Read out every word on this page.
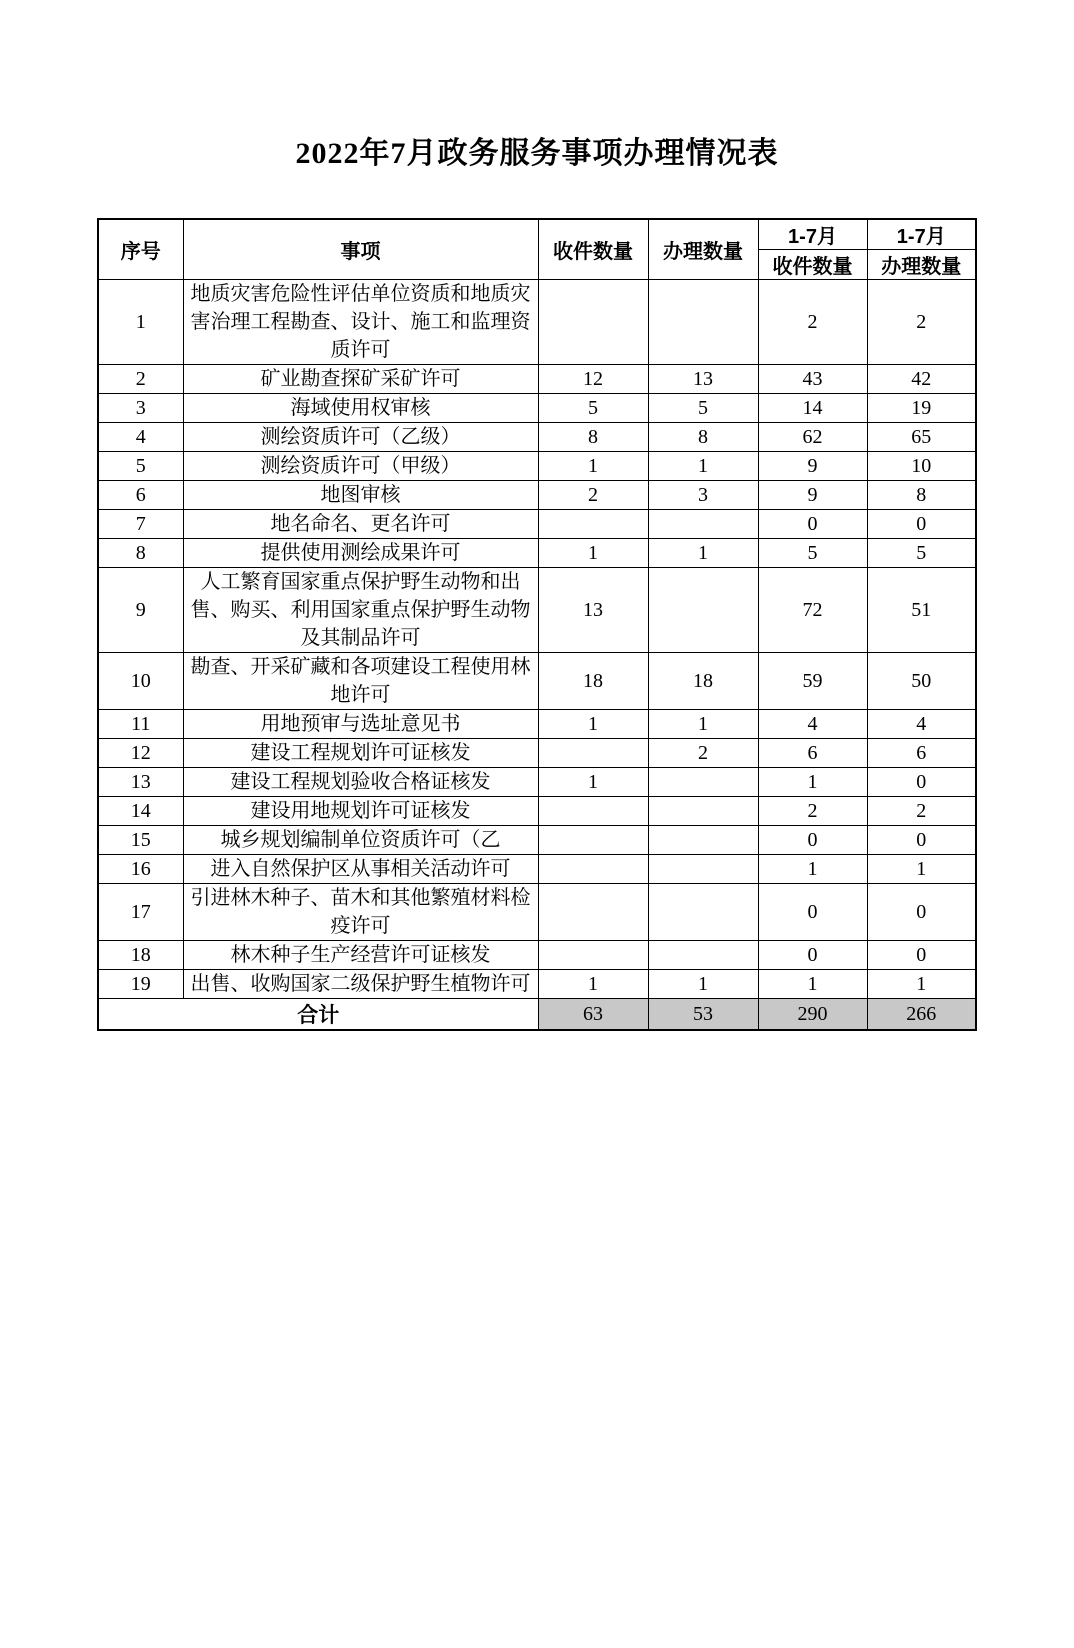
2022年7月政务服务事项办理情况表
序号	事项	收件数量	办理数量	1-7月	1-7月
				收件数量	办理数量
1	地质灾害危险性评估单位资质和地质灾害治理工程勘查、设计、施工和监理资质许可			2	2
2	矿业勘查探矿采矿许可	12	13	43	42
3	海域使用权审核	5	5	14	19
4	测绘资质许可（乙级）	8	8	62	65
5	测绘资质许可（甲级）	1	1	9	10
6	地图审核	2	3	9	8
7	地名命名、更名许可			0	0
8	提供使用测绘成果许可	1	1	5	5
9	人工繁育国家重点保护野生动物和出售、购买、利用国家重点保护野生动物及其制品许可	13		72	51
10	勘查、开采矿藏和各项建设工程使用林地许可	18	18	59	50
11	用地预审与选址意见书	1	1	4	4
12	建设工程规划许可证核发		2	6	6
13	建设工程规划验收合格证核发	1		1	0
14	建设用地规划许可证核发			2	2
15	城乡规划编制单位资质许可（乙			0	0
16	进入自然保护区从事相关活动许可			1	1
17	引进林木种子、苗木和其他繁殖材料检疫许可			0	0
18	林木种子生产经营许可证核发			0	0
19	出售、收购国家二级保护野生植物许可	1	1	1	1
合计		63	53	290	266
